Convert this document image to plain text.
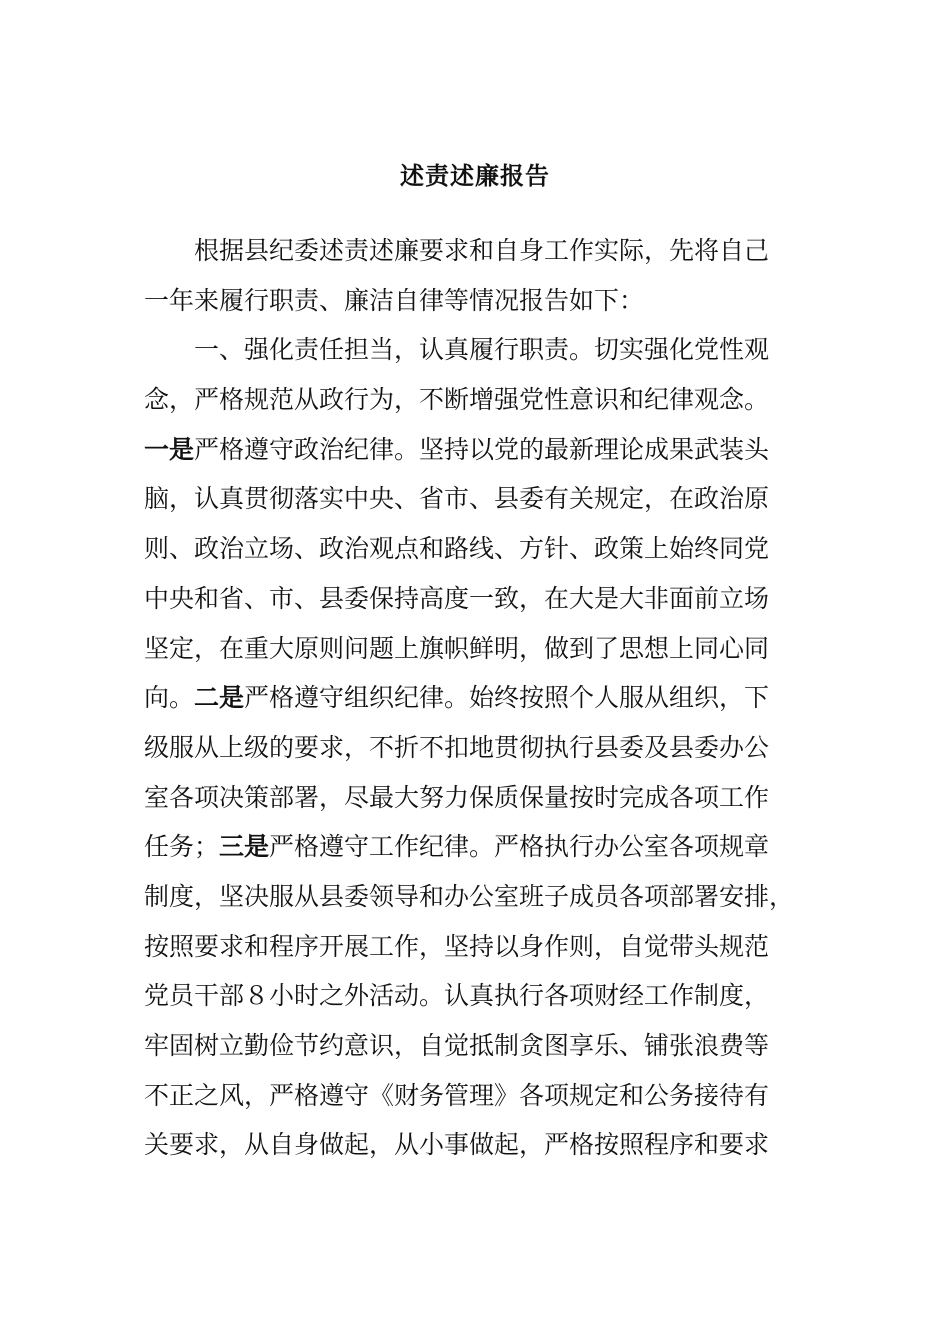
述责述廉报告
根据县纪委述责述廉要求和自身工作实际，先将自己
一年来履行职责、廉洁自律等情况报告如下：
一、强化责任担当，认真履行职责。切实强化党性观
念，严格规范从政行为，不断增强党性意识和纪律观念。
一是严格遵守政治纪律。坚持以党的最新理论成果武装头
脑，认真贯彻落实中央、省市、县委有关规定，在政治原
则、政治立场、政治观点和路线、方针、政策上始终同党
中央和省、市、县委保持高度一致，在大是大非面前立场
坚定，在重大原则问题上旗帜鲜明，做到了思想上同心同
向。二是严格遵守组织纪律。始终按照个人服从组织，下
级服从上级的要求，不折不扣地贯彻执行县委及县委办公
室各项决策部署，尽最大努力保质保量按时完成各项工作
任务；三是严格遵守工作纪律。严格执行办公室各项规章
制度，坚决服从县委领导和办公室班子成员各项部署安排，
按照要求和程序开展工作，坚持以身作则，自觉带头规范
党员干部８小时之外活动。认真执行各项财经工作制度，
牢固树立勤俭节约意识，自觉抵制贪图享乐、铺张浪费等
不正之风，严格遵守《财务管理》各项规定和公务接待有
关要求，从自身做起，从小事做起，严格按照程序和要求
